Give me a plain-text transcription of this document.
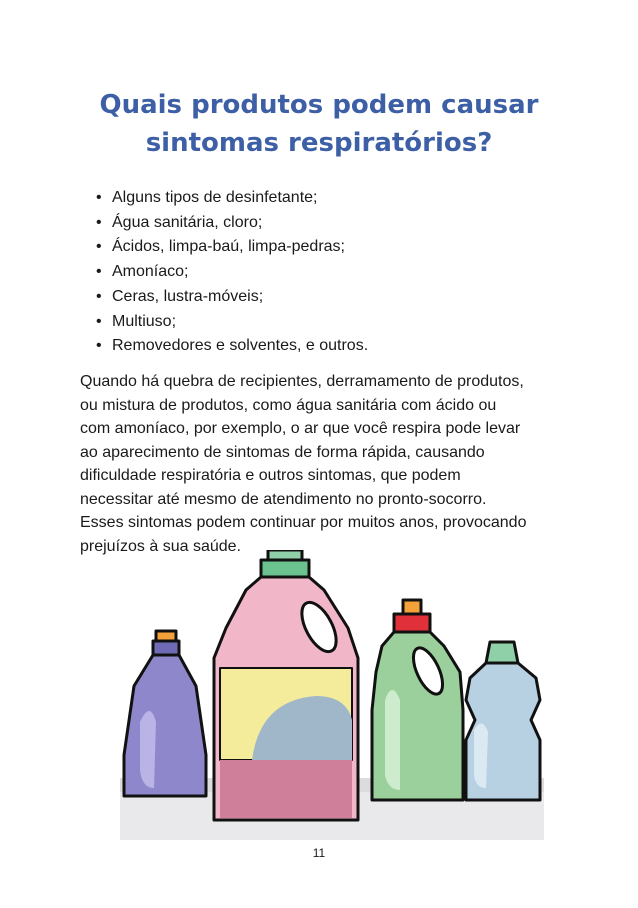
Quais produtos podem causar
sintomas respiratórios?
• Alguns tipos de desinfetante;
• Água sanitária, cloro;
• Ácidos, limpa-baú, limpa-pedras;
• Amoníaco;
• Ceras, lustra-móveis;
• Multiuso;
• Removedores e solventes, e outros.

Quando há quebra de recipientes, derramamento de produtos,
ou mistura de produtos, como água sanitária com ácido ou
com amoníaco, por exemplo, o ar que você respira pode levar
ao aparecimento de sintomas de forma rápida, causando
dificuldade respiratória e outros sintomas, que podem
necessitar até mesmo de atendimento no pronto-socorro.
Esses sintomas podem continuar por muitos anos, provocando
prejuízos à sua saúde.

11
